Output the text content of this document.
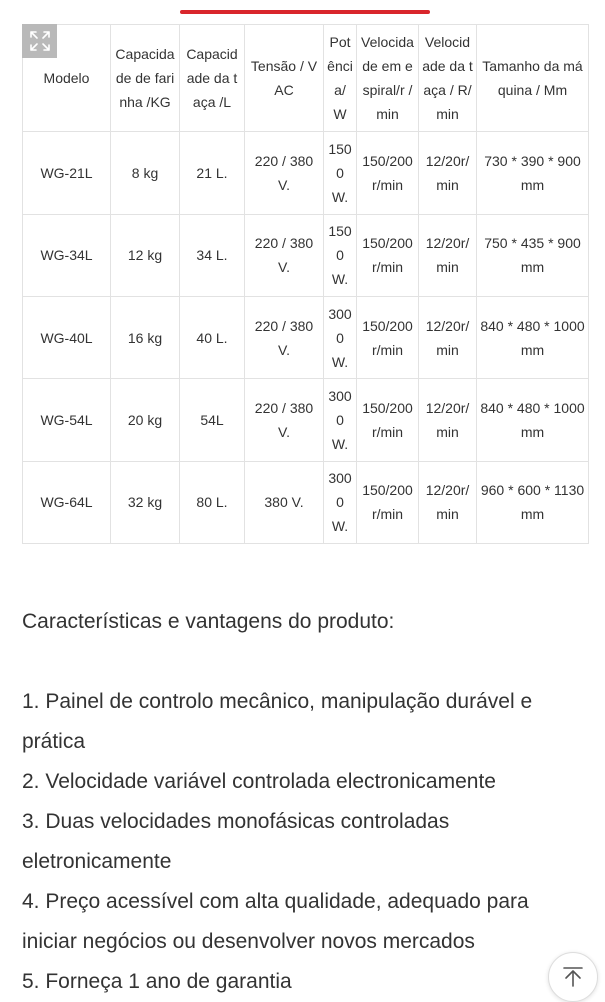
Modelo	Capacidade de farinha /KG	Capacidade da taça /L	Tensão / VAC	Potência/ W	Velocidade em espiral/r /min	Velocidade da taça / R/min	Tamanho da máquina / Mm
WG-21L	8 kg	21 L.	220 / 380 V.	1500 W.	150/200 r/min	12/20r/ min	730 * 390 * 900 mm
WG-34L	12 kg	34 L.	220 / 380 V.	1500 W.	150/200 r/min	12/20r/ min	750 * 435 * 900 mm
WG-40L	16 kg	40 L.	220 / 380 V.	3000 W.	150/200 r/min	12/20r/ min	840 * 480 * 1000 mm
WG-54L	20 kg	54L	220 / 380 V.	3000 W.	150/200 r/min	12/20r/ min	840 * 480 * 1000 mm
WG-64L	32 kg	80 L.	380 V.	3000 W.	150/200 r/min	12/20r/ min	960 * 600 * 1130 mm

Características e vantagens do produto:

1. Painel de controlo mecânico, manipulação durável e prática
2. Velocidade variável controlada electronicamente
3. Duas velocidades monofásicas controladas eletronicamente
4. Preço acessível com alta qualidade, adequado para iniciar negócios ou desenvolver novos mercados
5. Forneça 1 ano de garantia
